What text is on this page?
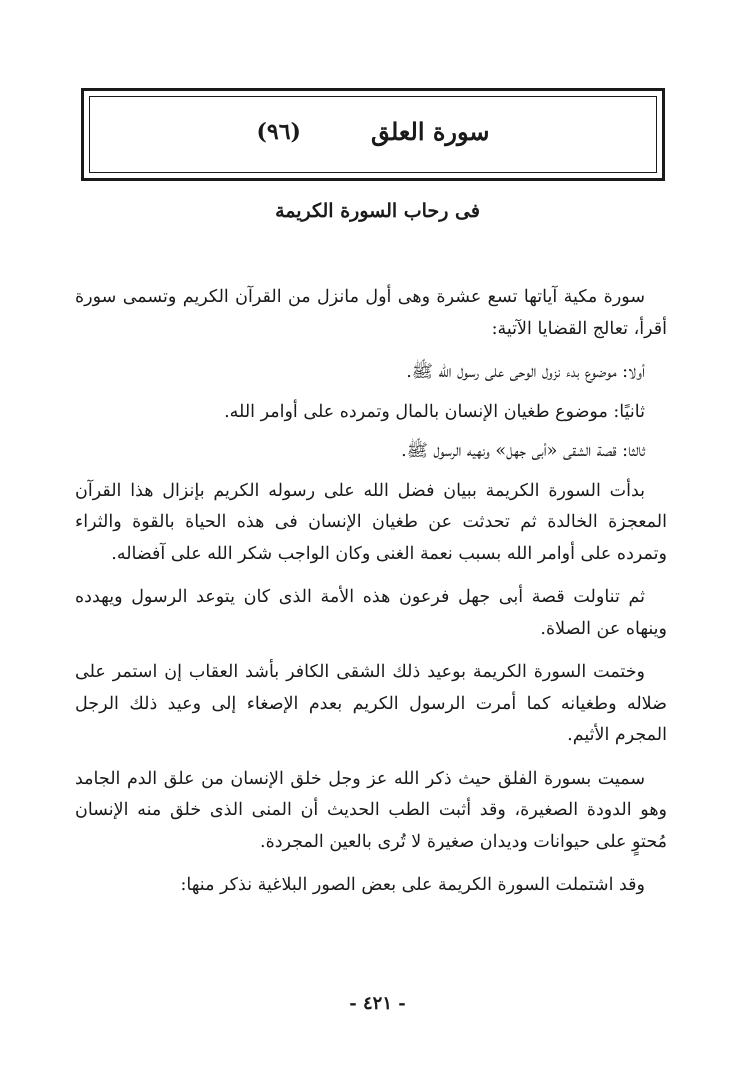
سورة العلق
(٩٦)
فى رحاب السورة الكريمة

سورة مكية آياتها تسع عشرة وهى أول مانزل من القرآن الكريم وتسمى سورة أقرأ، تعالج القضايا الآتية:

أولا: موضوع بدء نزول الوحى على رسول الله ﷺ.

ثانيًا: موضوع طغيان الإنسان بالمال وتمرده على أوامر الله.

ثالثا: قصة الشقى «أبى جهل» ونهيه الرسول ﷺ.

بدأت السورة الكريمة ببيان فضل الله على رسوله الكريم بإنزال هذا القرآن المعجزة الخالدة ثم تحدثت عن طغيان الإنسان فى هذه الحياة بالقوة والثراء وتمرده على أوامر الله بسبب نعمة الغنى وكان الواجب شكر الله على آفضاله.

ثم تناولت قصة أبى جهل فرعون هذه الأمة الذى كان يتوعد الرسول ويهدده وينهاه عن الصلاة.

وختمت السورة الكريمة بوعيد ذلك الشقى الكافر بأشد العقاب إن استمر على ضلاله وطغيانه كما أمرت الرسول الكريم بعدم الإصغاء إلى وعيد ذلك الرجل المجرم الأثيم.

سميت بسورة الفلق حيث ذكر الله عز وجل خلق الإنسان من علق الدم الجامد وهو الدودة الصغيرة، وقد أثبت الطب الحديث أن المنى الذى خلق منه الإنسان مُحتوٍ على حيوانات وديدان صغيرة لا تُرى بالعين المجردة.

وقد اشتملت السورة الكريمة على بعض الصور البلاغية نذكر منها:

- ٤٢١ -
